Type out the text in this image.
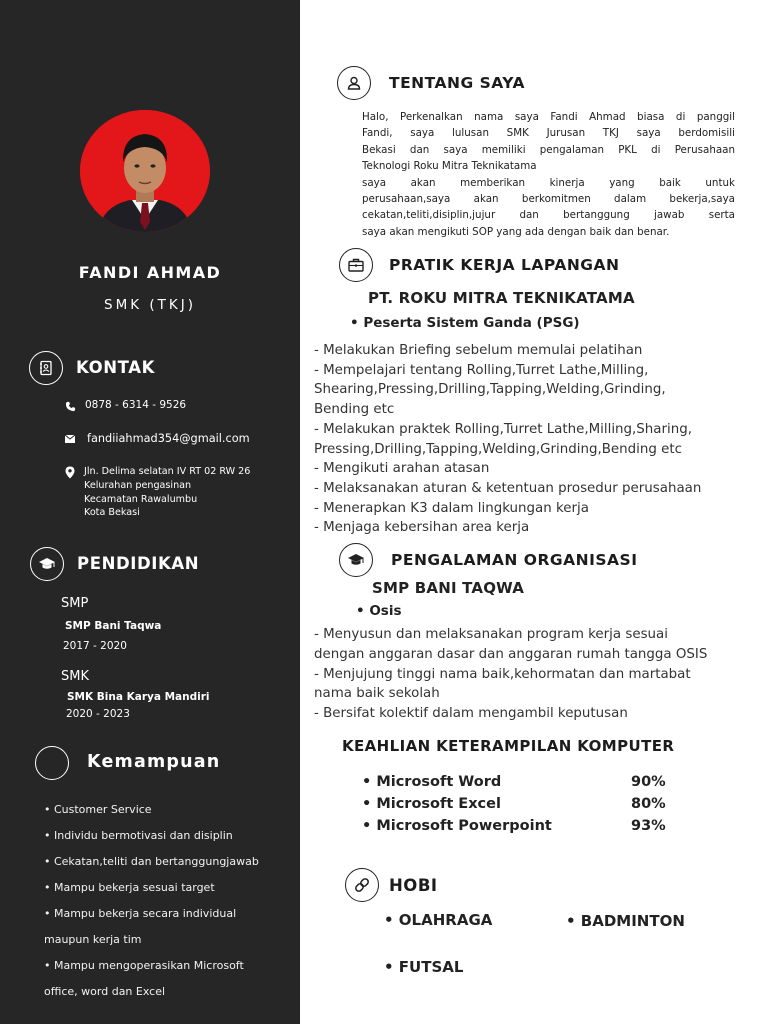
FANDI AHMAD
SMK (TKJ)
KONTAK
0878 - 6314 - 9526
fandiiahmad354@gmail.com
Jln. Delima selatan IV RT 02 RW 26
Kelurahan pengasinan
Kecamatan Rawalumbu
Kota Bekasi
PENDIDIKAN
SMP
SMP Bani Taqwa
2017 - 2020
SMK
SMK Bina Karya Mandiri
2020 - 2023
Kemampuan
• Customer Service
• Individu bermotivasi dan disiplin
• Cekatan,teliti dan bertanggungjawab
• Mampu bekerja sesuai target
• Mampu bekerja secara individual
maupun kerja tim
• Mampu mengoperasikan Microsoft
office, word dan Excel
TENTANG SAYA
Halo, Perkenalkan nama saya Fandi Ahmad biasa di panggil
Fandi, saya lulusan SMK Jurusan TKJ saya berdomisili
Bekasi dan saya memiliki pengalaman PKL di Perusahaan
Teknologi Roku Mitra Teknikatama
saya akan memberikan kinerja yang baik untuk
perusahaan,saya akan berkomitmen dalam bekerja,saya
cekatan,teliti,disiplin,jujur dan bertanggung jawab serta
saya akan mengikuti SOP yang ada dengan baik dan benar.
PRATIK KERJA LAPANGAN
PT. ROKU MITRA TEKNIKATAMA
• Peserta Sistem Ganda (PSG)
- Melakukan Briefing sebelum memulai pelatihan
- Mempelajari tentang Rolling,Turret Lathe,Milling,
Shearing,Pressing,Drilling,Tapping,Welding,Grinding,
Bending etc
- Melakukan praktek Rolling,Turret Lathe,Milling,Sharing,
Pressing,Drilling,Tapping,Welding,Grinding,Bending etc
- Mengikuti arahan atasan
- Melaksanakan aturan & ketentuan prosedur perusahaan
- Menerapkan K3 dalam lingkungan kerja
- Menjaga kebersihan area kerja
PENGALAMAN ORGANISASI
SMP BANI TAQWA
• Osis
- Menyusun dan melaksanakan program kerja sesuai
dengan anggaran dasar dan anggaran rumah tangga OSIS
- Menjujung tinggi nama baik,kehormatan dan martabat
nama baik sekolah
- Bersifat kolektif dalam mengambil keputusan
KEAHLIAN KETERAMPILAN KOMPUTER
• Microsoft Word	90%
• Microsoft Excel	80%
• Microsoft Powerpoint	93%
HOBI
• OLAHRAGA	• BADMINTON
• FUTSAL
